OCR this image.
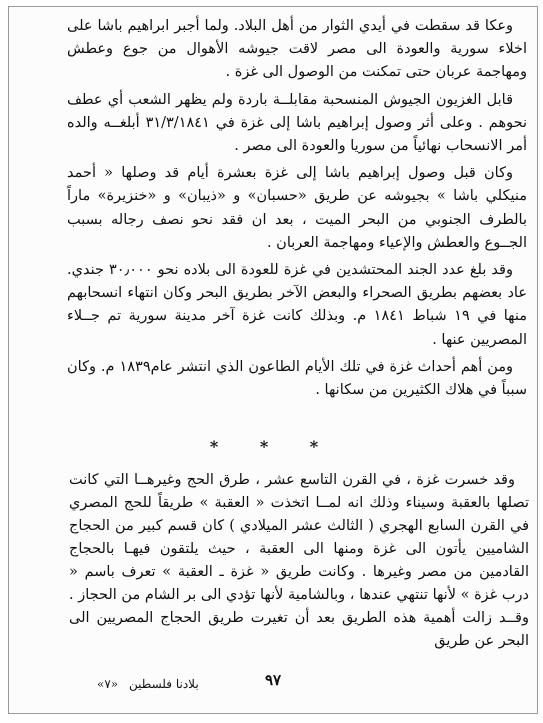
وعكا قد سقطت في أيدي الثوار من أهل البلاد. ولما أجبر ابراهيم باشا على اخلاء سورية والعودة الى مصر لاقت جيوشه الأهوال من جوع وعطش ومهاجمة عربان حتى تمكنت من الوصول الى غزة .

قابل الغزيون الجيوش المنسحبة مقابلــة باردة ولم يظهر الشعب أي عطف نحوهم . وعلى أثر وصول إبراهيم باشا إلى غزة في ٣١/٣/١٨٤١ أبلغــه والده أمر الانسحاب نهائياً من سوريا والعودة الى مصر .

وكان قبل وصول إبراهيم باشا إلى غزة بعشرة أيام قد وصلها « أحمد منيكلي باشا » بجيوشه عن طريق «حسبان» و «ذيبان» و «خنزيرة» ماراً بالطرف الجنوبي من البحر الميت ، بعد ان فقد نحو نصف رجاله بسبب الجــوع والعطش والإعياء ومهاجمة العربان .

وقد بلغ عدد الجند المحتشدين في غزة للعودة الى بلاده نحو ٣٠٫٠٠٠ جندي. عاد بعضهم بطريق الصحراء والبعض الآخر بطريق البحر وكان انتهاء انسحابهم منها في ١٩ شباط ١٨٤١ م. وبذلك كانت غزة آخر مدينة سورية تم جــلاء المصريين عنها .

ومن أهم أحداث غزة في تلك الأيام الطاعون الذي انتشر عام١٨٣٩ م. وكان سبباً في هلاك الكثيرين من سكانها .

* * *

وقد خسرت غزة ، في القرن التاسع عشر ، طرق الحج وغيرهــا التي كانت تصلها بالعقبة وسيناء وذلك انه لمــا اتخذت « العقبة » طريقاً للحج المصري في القرن السابع الهجري ( الثالث عشر الميلادي ) كان قسم كبير من الحجاج الشاميين يأتون الى غزة ومنها الى العقبة ، حيث يلتقون فيهـا بالحجاج القادمين من مصر وغيرها . وكانت طريق « غزة ـ العقبة » تعرف باسم « درب غزة » لأنها تنتهي عندها ، وبالشامية لأنها تؤدي الى بر الشام من الحجاز . وقــد زالت أهمية هذه الطريق بعد أن تغيرت طريق الحجاج المصريين الى البحر عن طريق

٩٧
بلادنا فلسطين
«٧»
